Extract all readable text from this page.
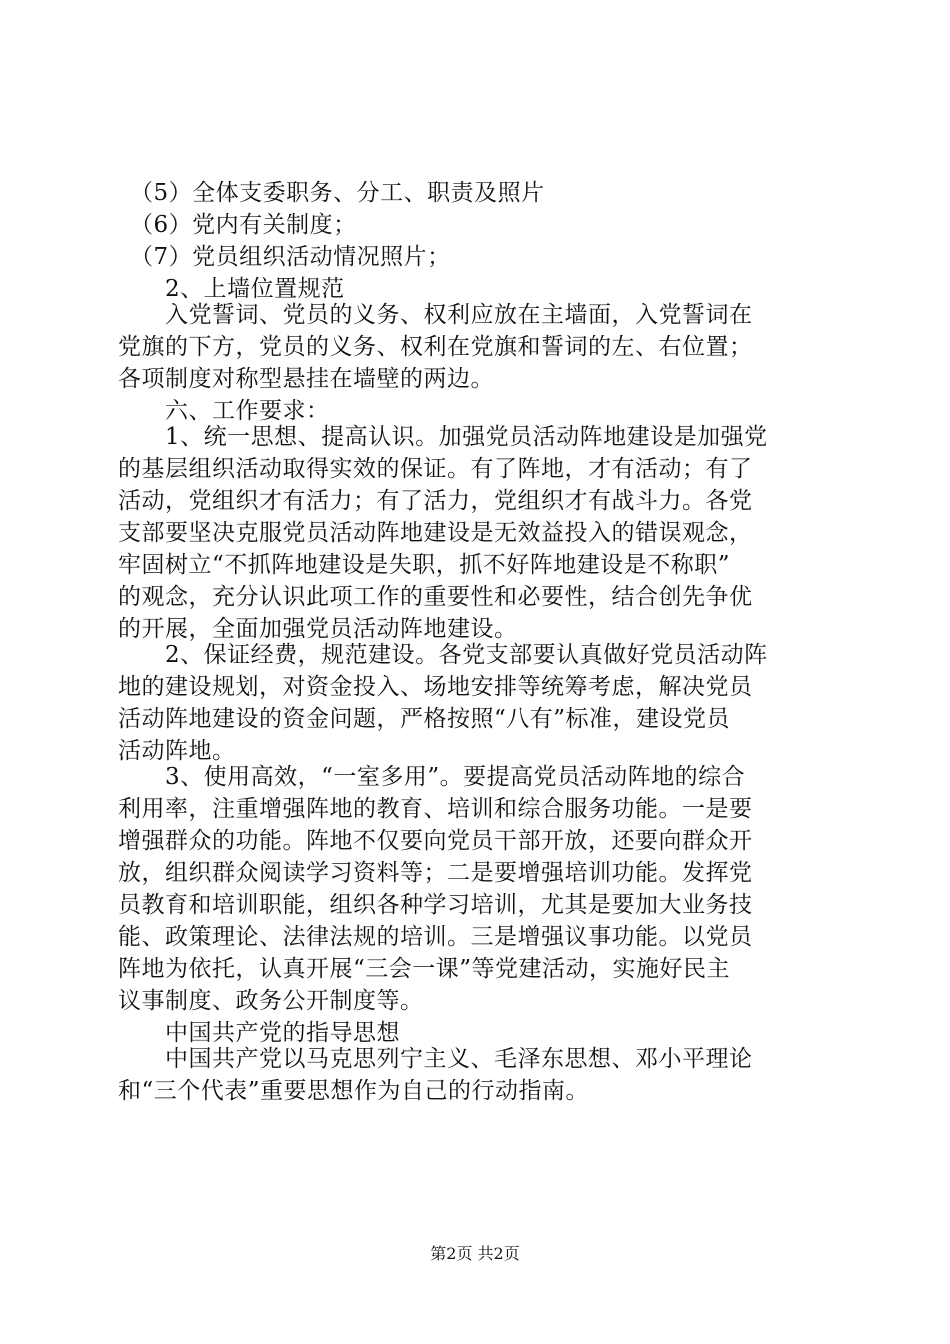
　（5）全体支委职务、分工、职责及照片
　（6）党内有关制度；
　（7）党员组织活动情况照片；
　　2、上墙位置规范
　　入党誓词、党员的义务、权利应放在主墙面，入党誓词在
党旗的下方，党员的义务、权利在党旗和誓词的左、右位置；
各项制度对称型悬挂在墙壁的两边。
　　六、工作要求：
　　1、统一思想、提高认识。加强党员活动阵地建设是加强党
的基层组织活动取得实效的保证。有了阵地，才有活动；有了
活动，党组织才有活力；有了活力，党组织才有战斗力。各党
支部要坚决克服党员活动阵地建设是无效益投入的错误观念，
牢固树立“不抓阵地建设是失职，抓不好阵地建设是不称职”
的观念，充分认识此项工作的重要性和必要性，结合创先争优
的开展，全面加强党员活动阵地建设。
　　2、保证经费，规范建设。各党支部要认真做好党员活动阵
地的建设规划，对资金投入、场地安排等统筹考虑，解决党员
活动阵地建设的资金问题，严格按照“八有”标准，建设党员
活动阵地。
　　3、使用高效，“一室多用”。要提高党员活动阵地的综合
利用率，注重增强阵地的教育、培训和综合服务功能。一是要
增强群众的功能。阵地不仅要向党员干部开放，还要向群众开
放，组织群众阅读学习资料等；二是要增强培训功能。发挥党
员教育和培训职能，组织各种学习培训，尤其是要加大业务技
能、政策理论、法律法规的培训。三是增强议事功能。以党员
阵地为依托，认真开展“三会一课”等党建活动，实施好民主
议事制度、政务公开制度等。
　　中国共产党的指导思想
　　中国共产党以马克思列宁主义、毛泽东思想、邓小平理论
和“三个代表”重要思想作为自己的行动指南。
第2页 共2页
